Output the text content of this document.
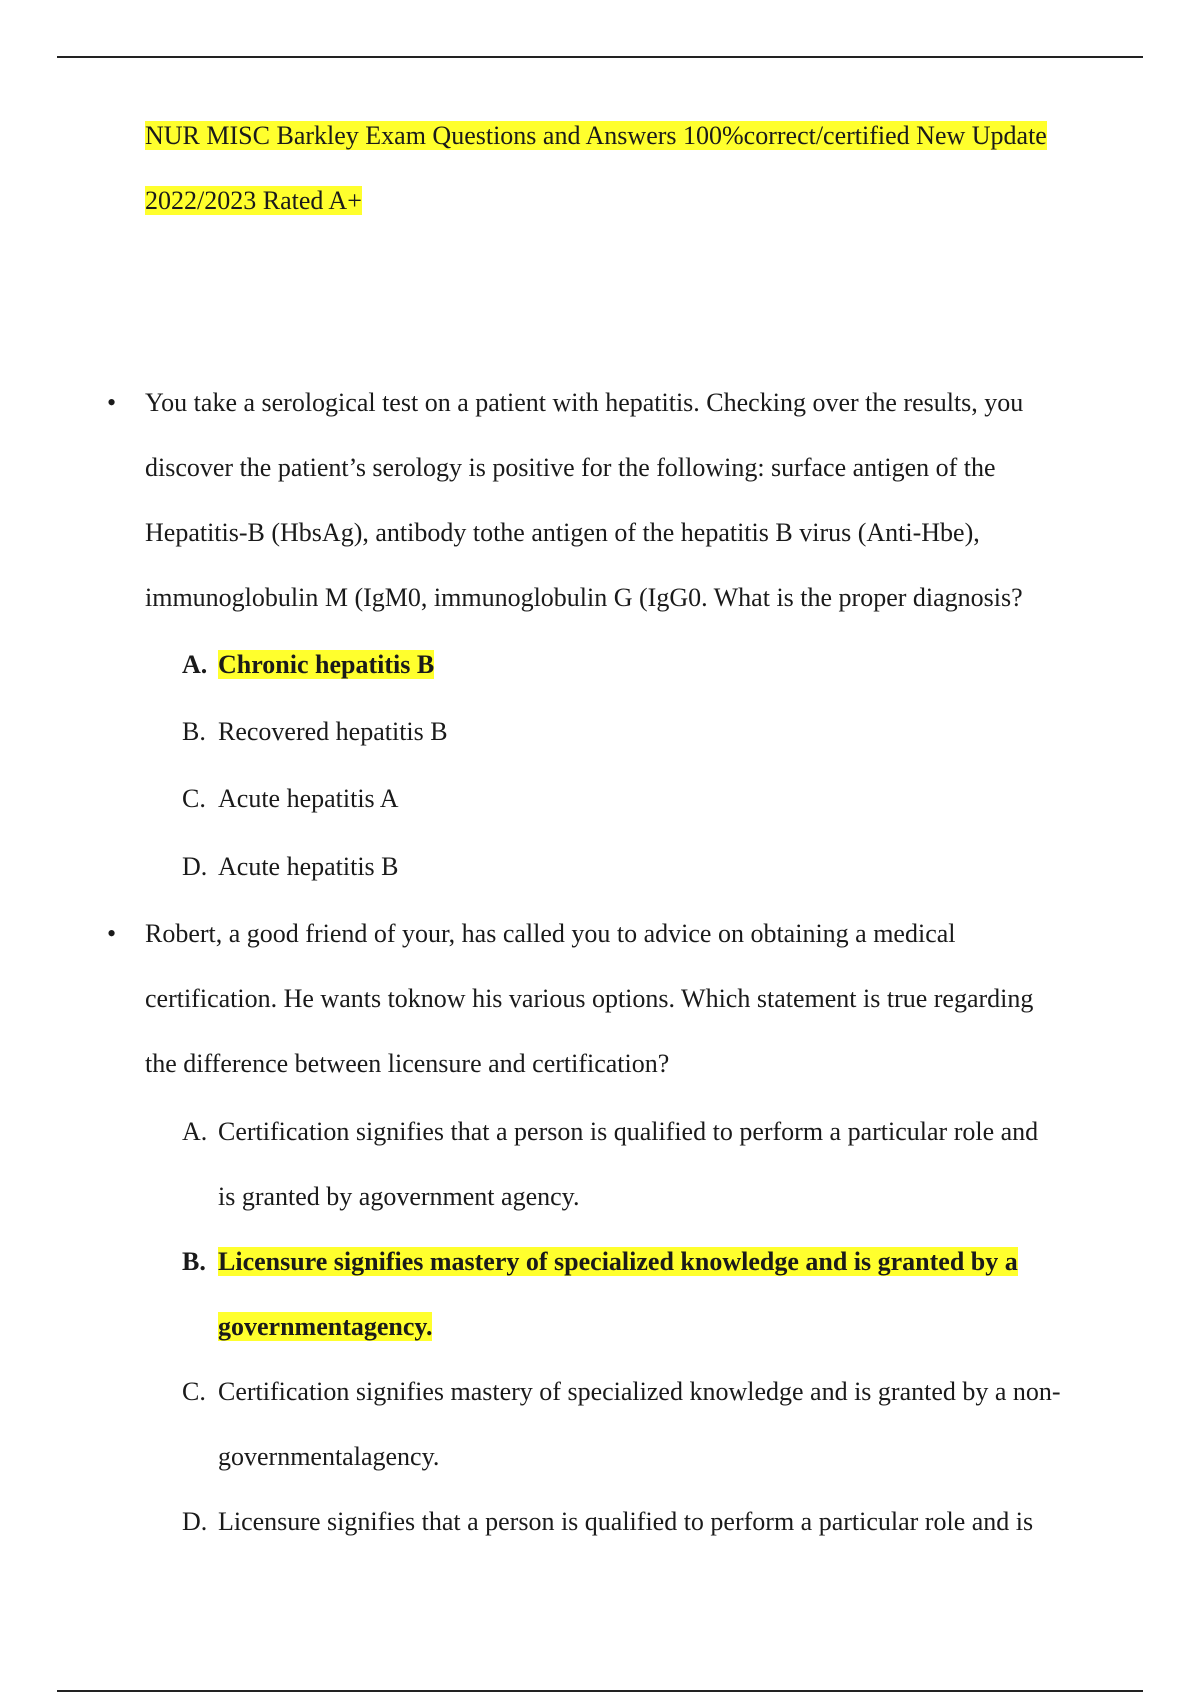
NUR MISC Barkley Exam Questions and Answers 100%correct/certified New Update
2022/2023 Rated A+
• You take a serological test on a patient with hepatitis. Checking over the results, you
discover the patient’s serology is positive for the following: surface antigen of the
Hepatitis-B (HbsAg), antibody tothe antigen of the hepatitis B virus (Anti-Hbe),
immunoglobulin M (IgM0, immunoglobulin G (IgG0. What is the proper diagnosis?
A. Chronic hepatitis B
B. Recovered hepatitis B
C. Acute hepatitis A
D. Acute hepatitis B
• Robert, a good friend of your, has called you to advice on obtaining a medical
certification. He wants toknow his various options. Which statement is true regarding
the difference between licensure and certification?
A. Certification signifies that a person is qualified to perform a particular role and
is granted by agovernment agency.
B. Licensure signifies mastery of specialized knowledge and is granted by a
governmentagency.
C. Certification signifies mastery of specialized knowledge and is granted by a non-
governmentalagency.
D. Licensure signifies that a person is qualified to perform a particular role and is
